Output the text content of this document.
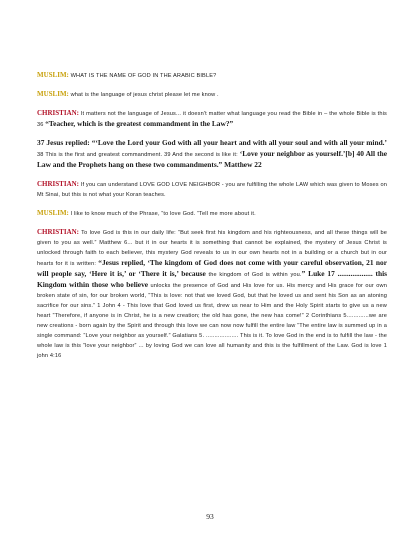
MUSLIM: WHAT IS THE NAME OF GOD IN THE ARABIC BIBLE?

MUSLIM: what is the language of jesus christ please let me know .

CHRISTIAN: It matters not the language of Jesus... it doesn't matter what language you read the Bible in – the whole Bible is this 36 “Teacher, which is the greatest commandment in the Law?”

37 Jesus replied: “‘Love the Lord your God with all your heart and with all your soul and with all your mind.’ 38 This is the first and greatest commandment. 39 And the second is like it: ‘Love your neighbor as yourself.’[b] 40 All the Law and the Prophets hang on these two commandments.” Matthew 22

CHRISTIAN: If you can understand LOVE GOD LOVE NEIGHBOR - you are fulfilling the whole LAW which was given to Moses on Mt Sinai, but this is not what your Koran teaches.

MUSLIM: I like to know much of the Phrase, “to love God. “Tell me more about it.

CHRISTIAN: To love God is this in our daily life: “But seek first his kingdom and his righteousness, and all these things will be given to you as well.” Matthew 6... but it in our hearts it is something that cannot be explained, the mystery of Jesus Christ is unlocked through faith to each believer, this mystery God reveals to us in our own hearts not in a building or a church but in our hearts for it is written: “Jesus replied, ‘The kingdom of God does not come with your careful observation, 21 nor will people say, ‘Here it is,’ or ‘There it is,’ because the kingdom of God is within you.” Luke 17 ................... this Kingdom within those who believe unlocks the presence of God and His love for us. His mercy and His grace for our own broken state of sin, for our broken world, “This is love: not that we loved God, but that he loved us and sent his Son as an atoning sacrifice for our sins.” 1 John 4 - This love that God loved us first, drew us near to Him and the Holy Spirit starts to give us a new heart “Therefore, if anyone is in Christ, he is a new creation; the old has gone, the new has come!” 2 Corinthians 5.............we are new creations - born again by the Spirit and through this love we can now now fulfill the entire law “The entire law is summed up in a single command: “Love your neighbor as yourself.” Galatians 5. ................... This is it. To love God in the end is to fulfill the law - the whole law is this “love your neighbor” ... by loving God we can love all humanity and this is the fulfillment of the Law. God is love 1 john 4:16

93
